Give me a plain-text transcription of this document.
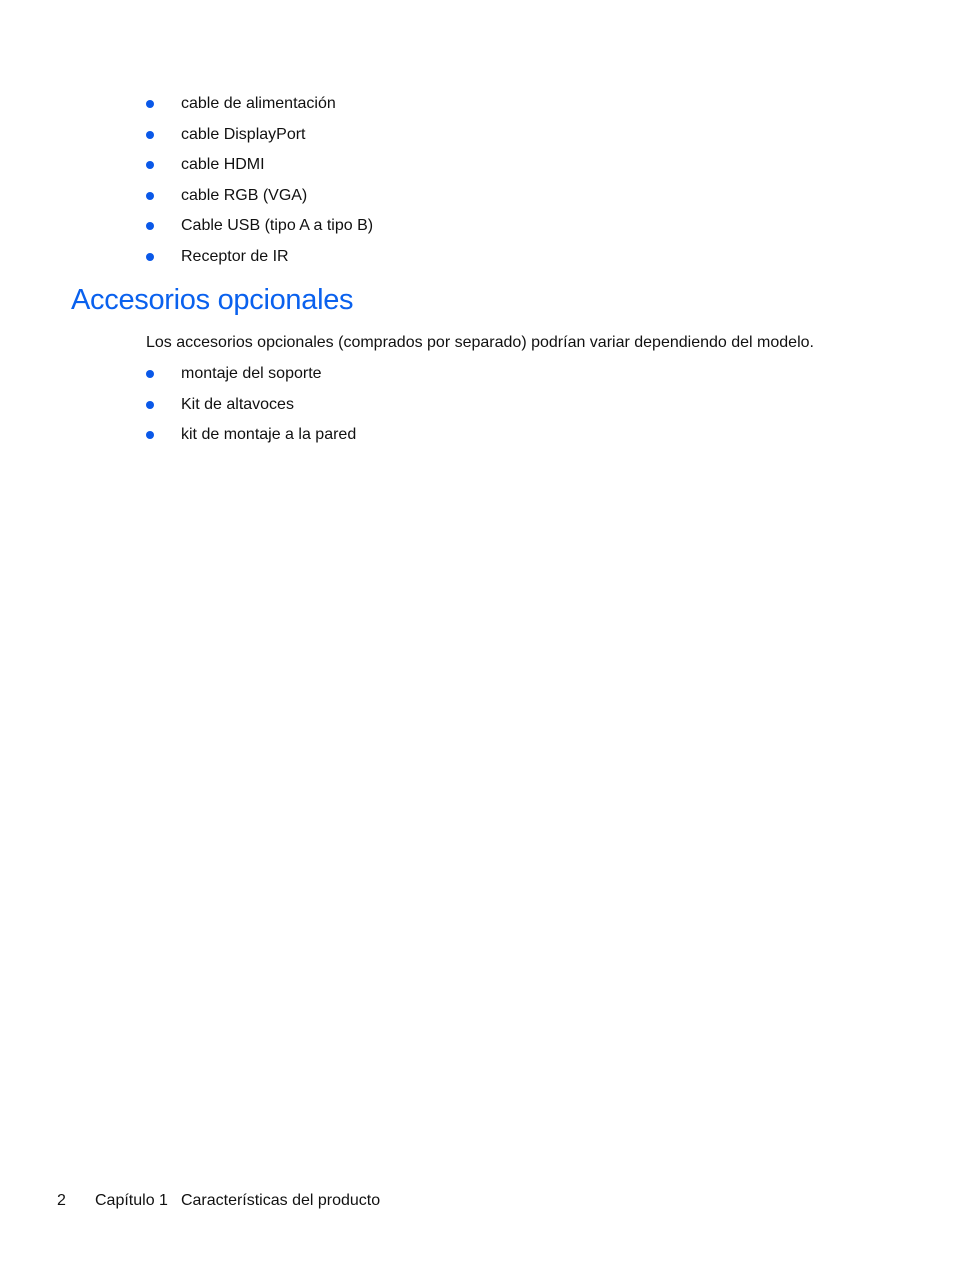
cable de alimentación
cable DisplayPort
cable HDMI
cable RGB (VGA)
Cable USB (tipo A a tipo B)
Receptor de IR
Accesorios opcionales

Los accesorios opcionales (comprados por separado) podrían variar dependiendo del modelo.

montaje del soporte
Kit de altavoces
kit de montaje a la pared
2 Capítulo 1 Características del producto
